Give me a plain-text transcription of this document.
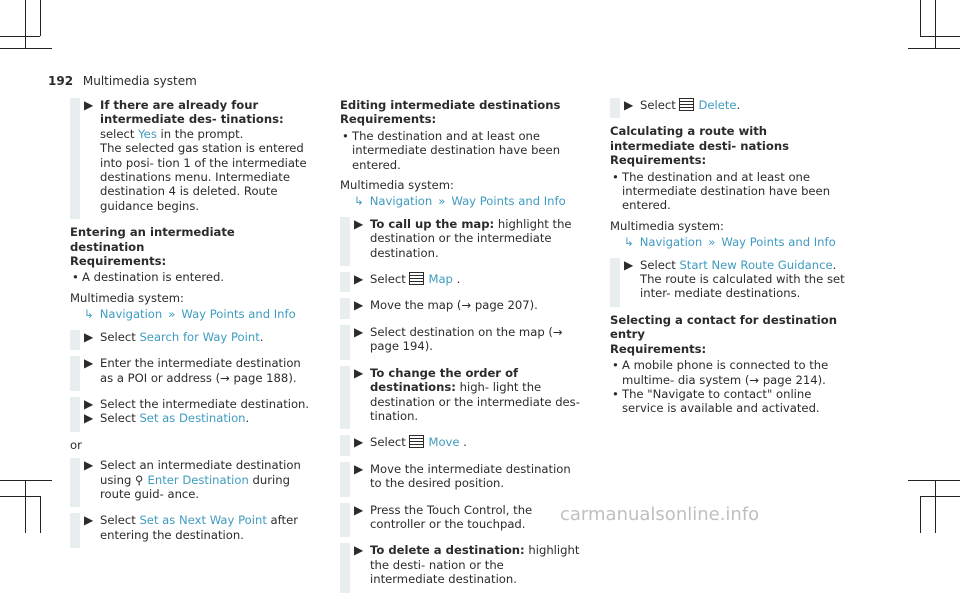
192 Multimedia system
▶ If there are already four intermediate des- tinations: select Yes in the prompt.

The selected gas station is entered into posi- tion 1 of the intermediate destinations menu. Intermediate destination 4 is deleted. Route guidance begins.

Entering an intermediate destination

Requirements:

• A destination is entered.

Multimedia system:

↳ Navigation » Way Points and Info
▶ Select Search for Way Point.
▶ Enter the intermediate destination as a POI or address (→ page 188).
▶ Select the intermediate destination.

▶ Select Set as Destination.

or

▶ Select an intermediate destination using ⚲ Enter Destination during route guid- ance.
▶ Select Set as Next Way Point after entering the destination.

Editing intermediate destinations

Requirements:

• The destination and at least one intermediate destination have been entered.

Multimedia system:

↳ Navigation » Way Points and Info
▶ To call up the map: highlight the destination or the intermediate destination.
▶ Select Map .
▶ Move the map (→ page 207).
▶ Select destination on the map (→ page 194).
▶ To change the order of destinations: high- light the destination or the intermediate des- tination.
▶ Select Move .
▶ Move the intermediate destination to the desired position.
▶ Press the Touch Control, the controller or the touchpad.
▶ To delete a destination: highlight the desti- nation or the intermediate destination.
▶ Select Delete.

Calculating a route with intermediate desti- nations

Requirements:

• The destination and at least one intermediate destination have been entered.

Multimedia system:

↳ Navigation » Way Points and Info
▶ Select Start New Route Guidance.

The route is calculated with the set inter- mediate destinations.

Selecting a contact for destination entry

Requirements:

• A mobile phone is connected to the multime- dia system (→ page 214).
• The "Navigate to contact" online service is available and activated.
carmanualsonline.info
